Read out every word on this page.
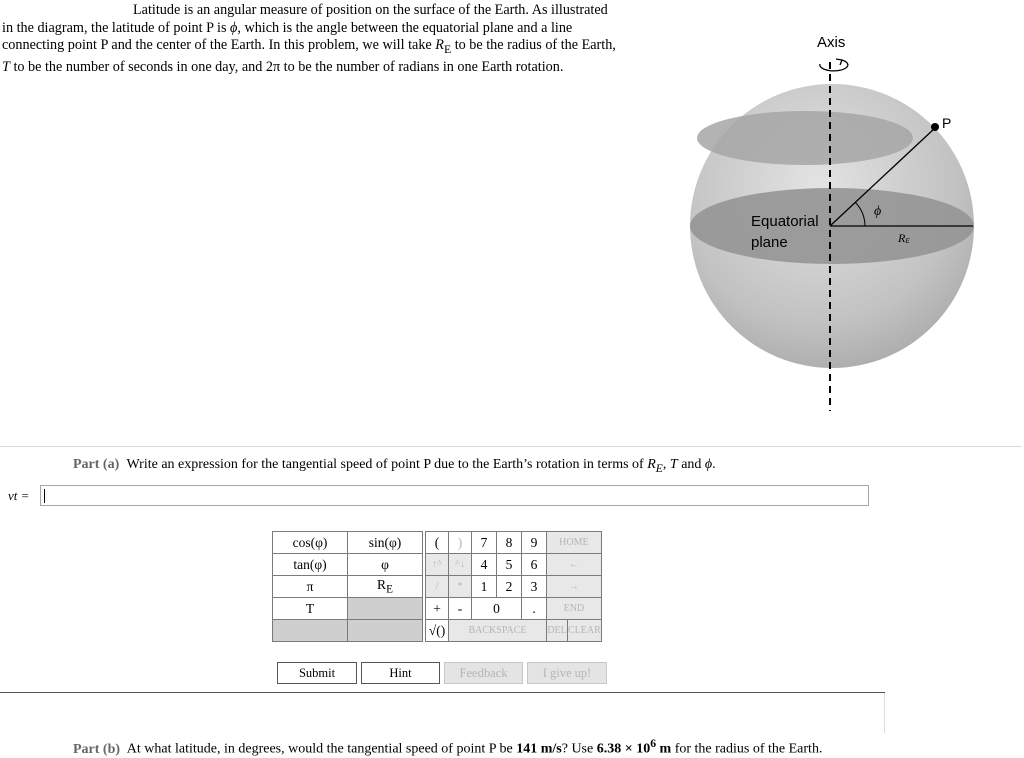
Latitude is an angular measure of position on the surface of the Earth. As illustrated in the diagram, the latitude of point P is ϕ, which is the angle between the equatorial plane and a line connecting point P and the center of the Earth. In this problem, we will take $R_E$ to be the radius of the Earth, T to be the number of seconds in one day, and 2π to be the number of radians in one Earth rotation.
Axis
P
Equatorial
plane
ϕ
RE
Part (a) Write an expression for the tangential speed of point P due to the Earth’s rotation in terms of $R_E$, T and ϕ.
vt =
cos(φ)	sin(φ)
tan(φ)	φ
π	$R_E$
T	

(	)	7	8	9	HOME	
↑^	^↓	4	5	6	←	
/	*	1	2	3	→	
+	-	0		.	END	
√()	BACKSPACE				DEL	CLEAR
Submit	Hint	Feedback	I give up!
Part (b) At what latitude, in degrees, would the tangential speed of point P be 141 m/s? Use $6.38 \times 10^6$ m for the radius of the Earth.
